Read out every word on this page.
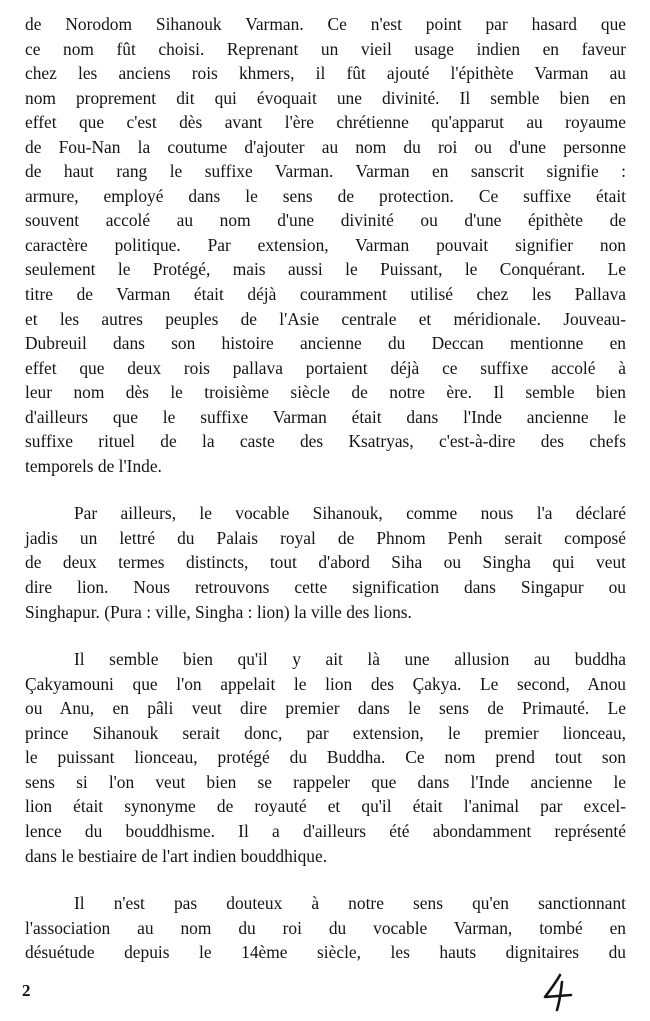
de Norodom Sihanouk Varman. Ce n'est point par hasard que
ce nom fût choisi. Reprenant un vieil usage indien en faveur
chez les anciens rois khmers, il fût ajouté l'épithète Varman au
nom proprement dit qui évoquait une divinité. Il semble bien en
effet que c'est dès avant l'ère chrétienne qu'apparut au royaume
de Fou-Nan la coutume d'ajouter au nom du roi ou d'une personne
de haut rang le suffixe Varman. Varman en sanscrit signifie :
armure, employé dans le sens de protection. Ce suffixe était
souvent accolé au nom d'une divinité ou d'une épithète de
caractère politique. Par extension, Varman pouvait signifier non
seulement le Protégé, mais aussi le Puissant, le Conquérant. Le
titre de Varman était déjà couramment utilisé chez les Pallava
et les autres peuples de l'Asie centrale et méridionale. Jouveau-
Dubreuil dans son histoire ancienne du Deccan mentionne en
effet que deux rois pallava portaient déjà ce suffixe accolé à
leur nom dès le troisième siècle de notre ère. Il semble bien
d'ailleurs que le suffixe Varman était dans l'Inde ancienne le
suffixe rituel de la caste des Ksatryas, c'est-à-dire des chefs
temporels de l'Inde.

Par ailleurs, le vocable Sihanouk, comme nous l'a déclaré
jadis un lettré du Palais royal de Phnom Penh serait composé
de deux termes distincts, tout d'abord Siha ou Singha qui veut
dire lion. Nous retrouvons cette signification dans Singapur ou
Singhapur. (Pura : ville, Singha : lion) la ville des lions.

Il semble bien qu'il y ait là une allusion au buddha
Çakyamouni que l'on appelait le lion des Çakya. Le second, Anou
ou Anu, en pâli veut dire premier dans le sens de Primauté. Le
prince Sihanouk serait donc, par extension, le premier lionceau,
le puissant lionceau, protégé du Buddha. Ce nom prend tout son
sens si l'on veut bien se rappeler que dans l'Inde ancienne le
lion était synonyme de royauté et qu'il était l'animal par excel-
lence du bouddhisme. Il a d'ailleurs été abondamment représenté
dans le bestiaire de l'art indien bouddhique.

Il n'est pas douteux à notre sens qu'en sanctionnant
l'association au nom du roi du vocable Varman, tombé en
désuétude depuis le 14ème siècle, les hauts dignitaires du

2
